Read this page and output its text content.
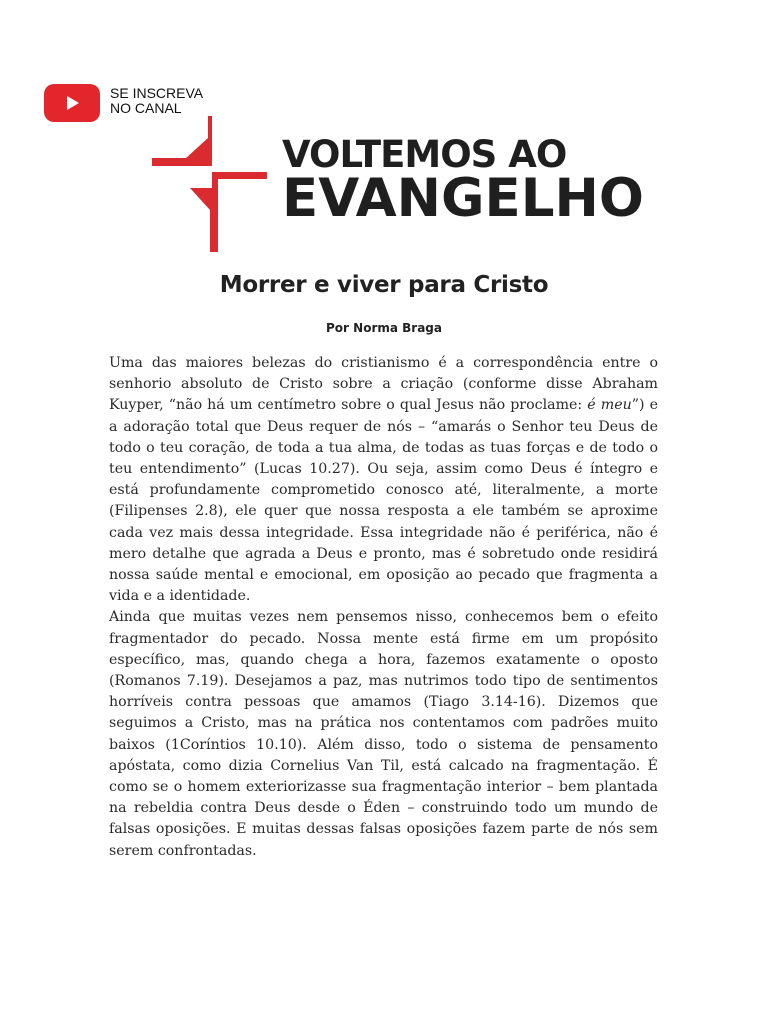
SE INSCREVA
NO CANAL
VOLTEMOS AO
EVANGELHO
Morrer e viver para Cristo
Por Norma Braga

Uma das maiores belezas do cristianismo é a correspondência entre o senhorio absoluto de Cristo sobre a criação (conforme disse Abraham Kuyper, “não há um centímetro sobre o qual Jesus não proclame: é meu”) e a adoração total que Deus requer de nós – “amarás o Senhor teu Deus de todo o teu coração, de toda a tua alma, de todas as tuas forças e de todo o teu entendimento” (Lucas 10.27). Ou seja, assim como Deus é íntegro e está profundamente comprometido conosco até, literalmente, a morte (Filipenses 2.8), ele quer que nossa resposta a ele também se aproxime cada vez mais dessa integridade. Essa integridade não é periférica, não é mero detalhe que agrada a Deus e pronto, mas é sobretudo onde residirá nossa saúde mental e emocional, em oposição ao pecado que fragmenta a vida e a identidade.

Ainda que muitas vezes nem pensemos nisso, conhecemos bem o efeito fragmentador do pecado. Nossa mente está firme em um propósito específico, mas, quando chega a hora, fazemos exatamente o oposto (Romanos 7.19). Desejamos a paz, mas nutrimos todo tipo de sentimentos horríveis contra pessoas que amamos (Tiago 3.14-16). Dizemos que seguimos a Cristo, mas na prática nos contentamos com padrões muito baixos (1Coríntios 10.10). Além disso, todo o sistema de pensamento apóstata, como dizia Cornelius Van Til, está calcado na fragmentação. É como se o homem exteriorizasse sua fragmentação interior – bem plantada na rebeldia contra Deus desde o Éden – construindo todo um mundo de falsas oposições. E muitas dessas falsas oposições fazem parte de nós sem serem confrontadas.
